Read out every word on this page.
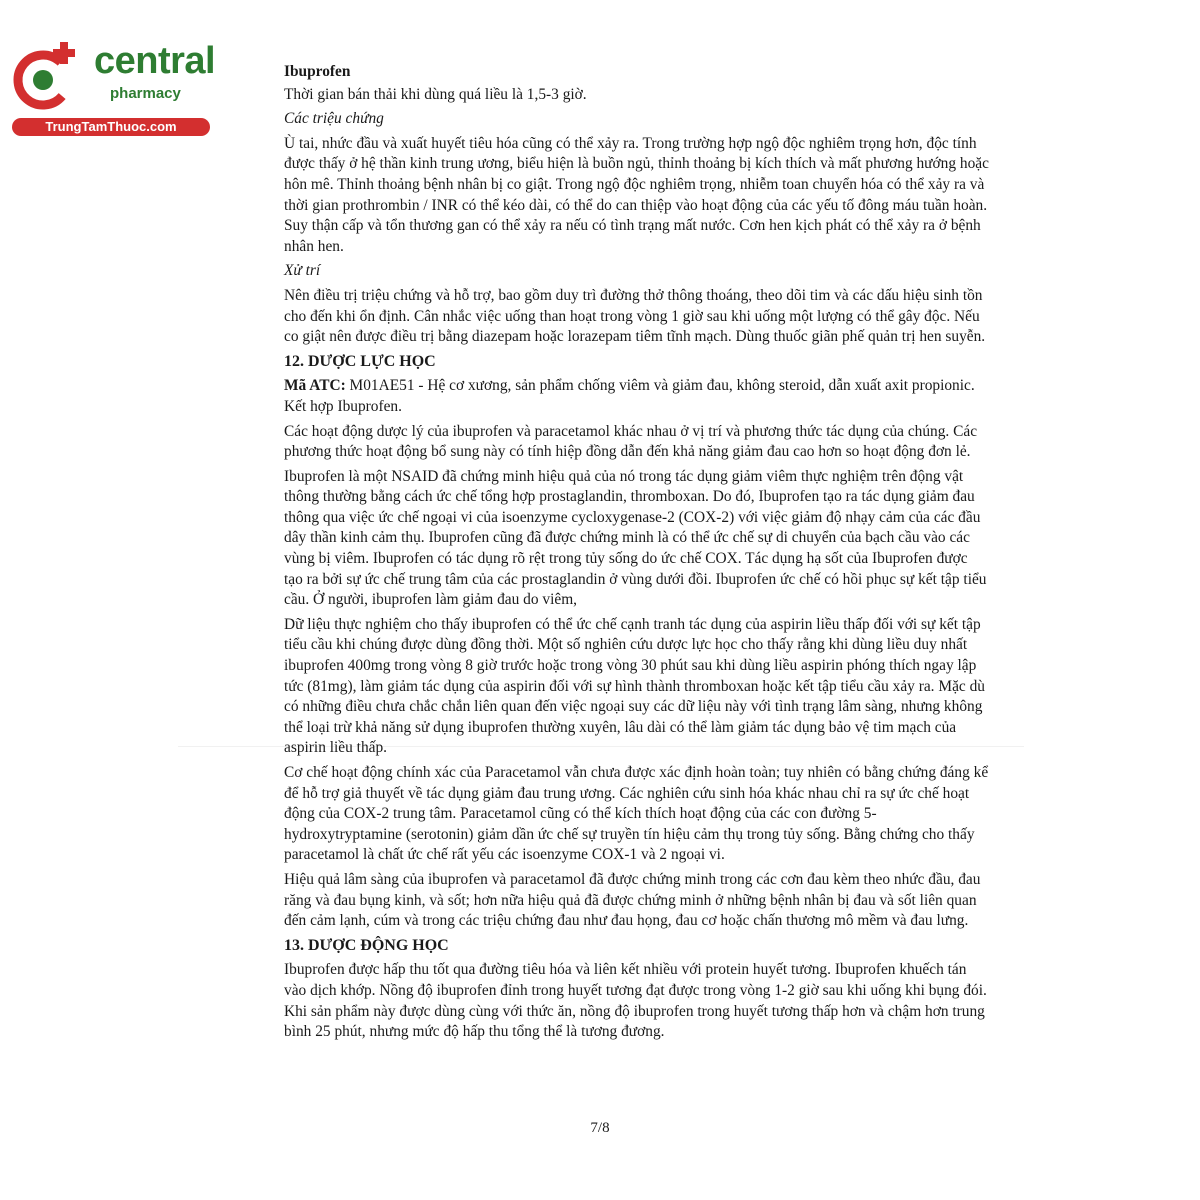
central
pharmacy
TrungTamThuoc.com

Ibuprofen

Thời gian bán thải khi dùng quá liều là 1,5-3 giờ.

Các triệu chứng

Ù tai, nhức đầu và xuất huyết tiêu hóa cũng có thể xảy ra. Trong trường hợp ngộ độc nghiêm trọng hơn, độc tính được thấy ở hệ thần kinh trung ương, biểu hiện là buồn ngủ, thỉnh thoảng bị kích thích và mất phương hướng hoặc hôn mê. Thỉnh thoảng bệnh nhân bị co giật. Trong ngộ độc nghiêm trọng, nhiễm toan chuyển hóa có thể xảy ra và thời gian prothrombin / INR có thể kéo dài, có thể do can thiệp vào hoạt động của các yếu tố đông máu tuần hoàn. Suy thận cấp và tổn thương gan có thể xảy ra nếu có tình trạng mất nước. Cơn hen kịch phát có thể xảy ra ở bệnh nhân hen.

Xử trí

Nên điều trị triệu chứng và hỗ trợ, bao gồm duy trì đường thở thông thoáng, theo dõi tim và các dấu hiệu sinh tồn cho đến khi ổn định. Cân nhắc việc uống than hoạt trong vòng 1 giờ sau khi uống một lượng có thể gây độc. Nếu co giật nên được điều trị bằng diazepam hoặc lorazepam tiêm tĩnh mạch. Dùng thuốc giãn phế quản trị hen suyễn.

12. DƯỢC LỰC HỌC

Mã ATC: M01AE51 - Hệ cơ xương, sản phẩm chống viêm và giảm đau, không steroid, dẫn xuất axit propionic. Kết hợp Ibuprofen.

Các hoạt động dược lý của ibuprofen và paracetamol khác nhau ở vị trí và phương thức tác dụng của chúng. Các phương thức hoạt động bổ sung này có tính hiệp đồng dẫn đến khả năng giảm đau cao hơn so hoạt động đơn lẻ.

Ibuprofen là một NSAID đã chứng minh hiệu quả của nó trong tác dụng giảm viêm thực nghiệm trên động vật thông thường bằng cách ức chế tổng hợp prostaglandin, thromboxan. Do đó, Ibuprofen tạo ra tác dụng giảm đau thông qua việc ức chế ngoại vi của isoenzyme cycloxygenase-2 (COX-2) với việc giảm độ nhạy cảm của các đầu dây thần kinh cảm thụ. Ibuprofen cũng đã được chứng minh là có thể ức chế sự di chuyển của bạch cầu vào các vùng bị viêm. Ibuprofen có tác dụng rõ rệt trong tủy sống do ức chế COX. Tác dụng hạ sốt của Ibuprofen được tạo ra bởi sự ức chế trung tâm của các prostaglandin ở vùng dưới đồi. Ibuprofen ức chế có hồi phục sự kết tập tiểu cầu. Ở người, ibuprofen làm giảm đau do viêm,

Dữ liệu thực nghiệm cho thấy ibuprofen có thể ức chế cạnh tranh tác dụng của aspirin liều thấp đối với sự kết tập tiểu cầu khi chúng được dùng đồng thời. Một số nghiên cứu dược lực học cho thấy rằng khi dùng liều duy nhất ibuprofen 400mg trong vòng 8 giờ trước hoặc trong vòng 30 phút sau khi dùng liều aspirin phóng thích ngay lập tức (81mg), làm giảm tác dụng của aspirin đối với sự hình thành thromboxan hoặc kết tập tiểu cầu xảy ra. Mặc dù có những điều chưa chắc chắn liên quan đến việc ngoại suy các dữ liệu này với tình trạng lâm sàng, nhưng không thể loại trừ khả năng sử dụng ibuprofen thường xuyên, lâu dài có thể làm giảm tác dụng bảo vệ tim mạch của aspirin liều thấp.

Cơ chế hoạt động chính xác của Paracetamol vẫn chưa được xác định hoàn toàn; tuy nhiên có bằng chứng đáng kể để hỗ trợ giả thuyết về tác dụng giảm đau trung ương. Các nghiên cứu sinh hóa khác nhau chỉ ra sự ức chế hoạt động của COX-2 trung tâm. Paracetamol cũng có thể kích thích hoạt động của các con đường 5-hydroxytryptamine (serotonin) giảm dần ức chế sự truyền tín hiệu cảm thụ trong tủy sống. Bằng chứng cho thấy paracetamol là chất ức chế rất yếu các isoenzyme COX-1 và 2 ngoại vi.

Hiệu quả lâm sàng của ibuprofen và paracetamol đã được chứng minh trong các cơn đau kèm theo nhức đầu, đau răng và đau bụng kinh, và sốt; hơn nữa hiệu quả đã được chứng minh ở những bệnh nhân bị đau và sốt liên quan đến cảm lạnh, cúm và trong các triệu chứng đau như đau họng, đau cơ hoặc chấn thương mô mềm và đau lưng.

13. DƯỢC ĐỘNG HỌC

Ibuprofen được hấp thu tốt qua đường tiêu hóa và liên kết nhiều với protein huyết tương. Ibuprofen khuếch tán vào dịch khớp. Nồng độ ibuprofen đỉnh trong huyết tương đạt được trong vòng 1-2 giờ sau khi uống khi bụng đói. Khi sản phẩm này được dùng cùng với thức ăn, nồng độ ibuprofen trong huyết tương thấp hơn và chậm hơn trung bình 25 phút, nhưng mức độ hấp thu tổng thể là tương đương.

7/8
